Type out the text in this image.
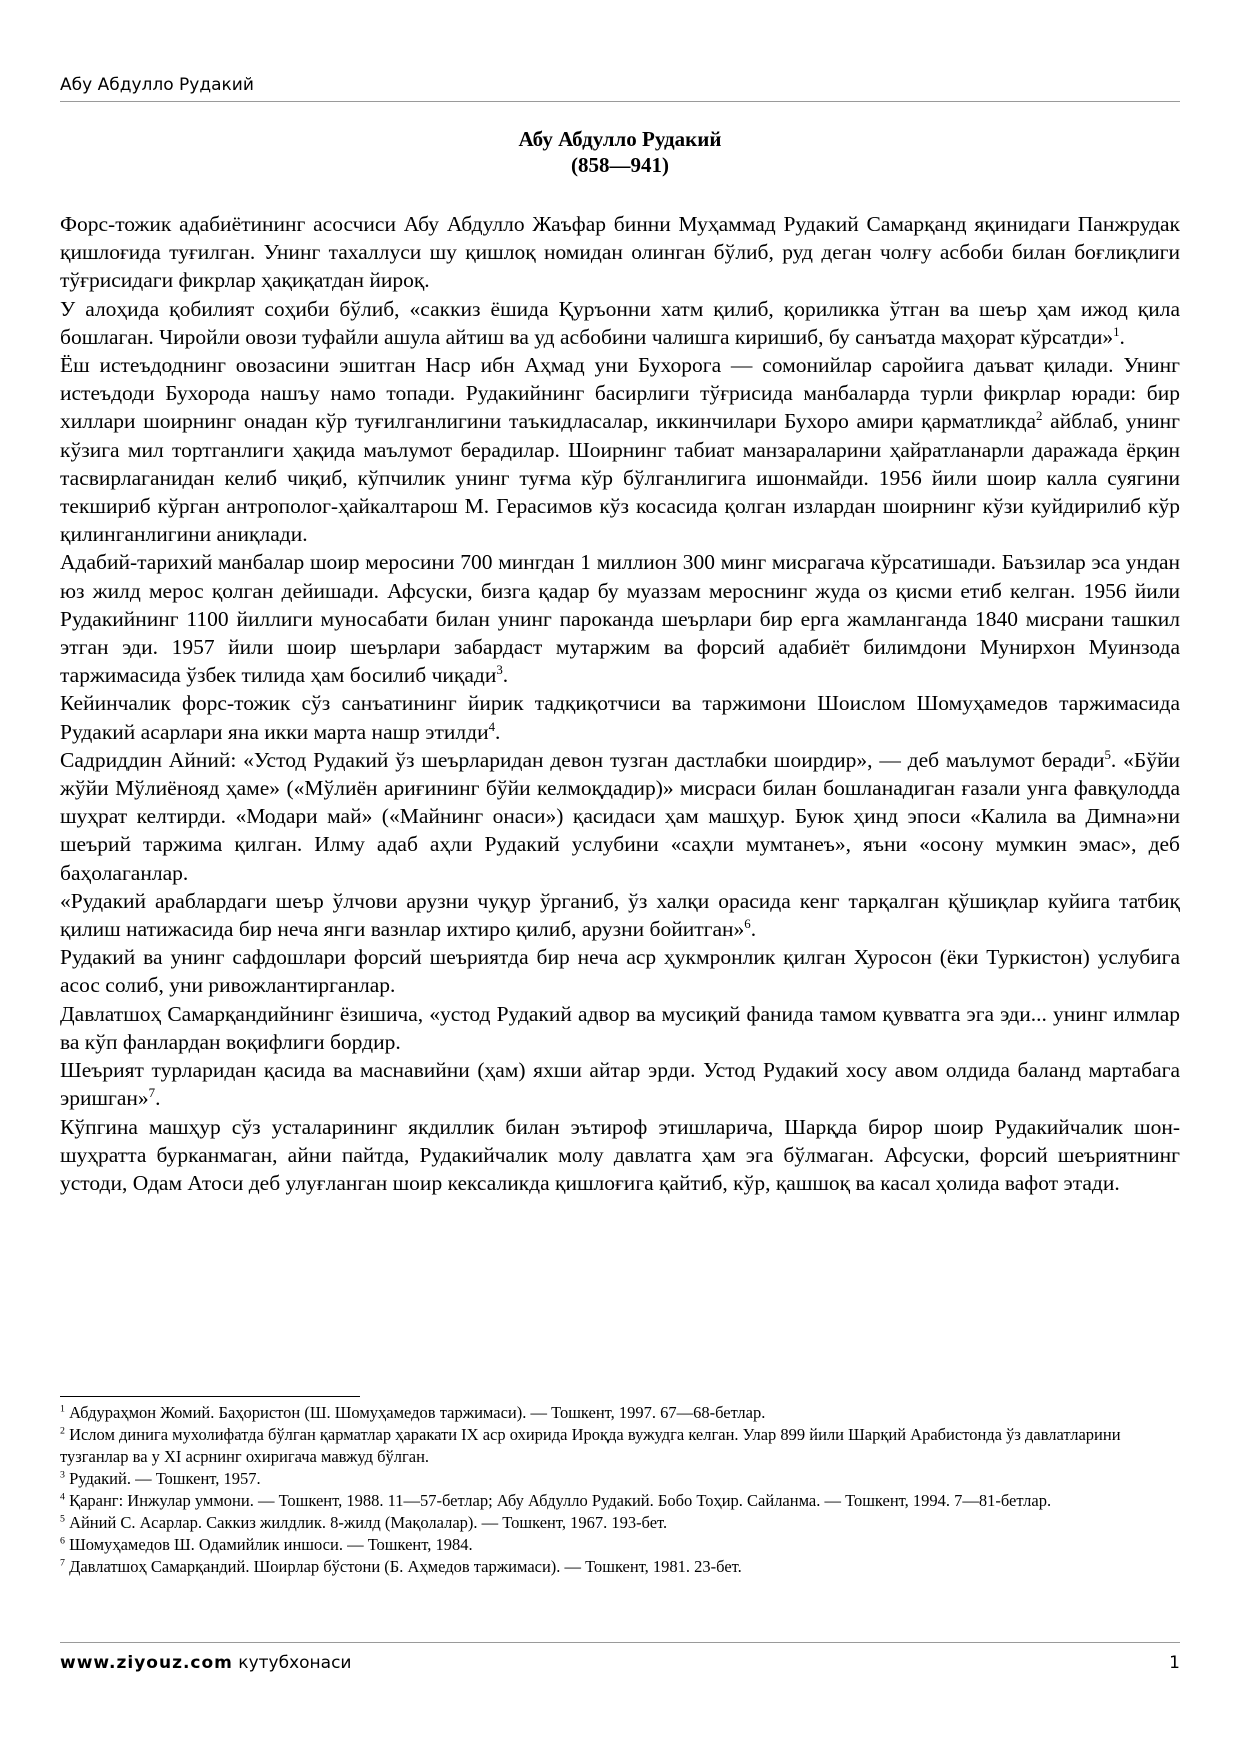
Абу Абдулло Рудакий
Абу Абдулло Рудакий
(858—941)

Форс-тожик адабиётининг асосчиси Абу Абдулло Жаъфар бинни Муҳаммад Рудакий Самарқанд яқинидаги Панжрудак қишлоғида туғилган. Унинг тахаллуси шу қишлоқ номидан олинган бўлиб, руд деган чолғу асбоби билан боғлиқлиги тўғрисидаги фикрлар ҳақиқатдан йироқ.

У алоҳида қобилият соҳиби бўлиб, «саккиз ёшида Қуръонни хатм қилиб, қориликка ўтган ва шеър ҳам ижод қила бошлаган. Чиройли овози туфайли ашула айтиш ва уд асбобини чалишга киришиб, бу санъатда маҳорат кўрсатди»$^1$.

Ёш истеъдоднинг овозасини эшитган Наср ибн Аҳмад уни Бухорога — сомонийлар саройига даъват қилади. Унинг истеъдоди Бухорода нашъу намо топади. Рудакийнинг басирлиги тўғрисида манбаларда турли фикрлар юради: бир хиллари шоирнинг онадан кўр туғилганлигини таъкидласалар, иккинчилари Бухоро амири қарматликда$^2$ айблаб, унинг кўзига мил тортганлиги ҳақида маълумот берадилар. Шоирнинг табиат манзараларини ҳайратланарли даражада ёрқин тасвирлаганидан келиб чиқиб, кўпчилик унинг туғма кўр бўлганлигига ишонмайди. 1956 йили шоир калла суягини текшириб кўрган антрополог-ҳайкалтарош М. Герасимов кўз косасида қолган излардан шоирнинг кўзи куйдирилиб кўр қилинганлигини аниқлади.

Адабий-тарихий манбалар шоир меросини 700 мингдан 1 миллион 300 минг мисрагача кўрсатишади. Баъзилар эса ундан юз жилд мерос қолган дейишади. Афсуски, бизга қадар бу муаззам мероснинг жуда оз қисми етиб келган. 1956 йили Рудакийнинг 1100 йиллиги муносабати билан унинг пароканда шеърлари бир ерга жамланганда 1840 мисрани ташкил этган эди. 1957 йили шоир шеърлари забардаст мутаржим ва форсий адабиёт билимдони Мунирхон Муинзода таржимасида ўзбек тилида ҳам босилиб чиқади$^3$.

Кейинчалик форс-тожик сўз санъатининг йирик тадқиқотчиси ва таржимони Шоислом Шомуҳамедов таржимасида Рудакий асарлари яна икки марта нашр этилди$^4$.

Садриддин Айний: «Устод Рудакий ўз шеърларидан девон тузган дастлабки шоирдир», — деб маълумот беради$^5$. «Бўйи жўйи Мўлиёнояд ҳаме» («Мўлиён ариғининг бўйи келмоқдадир)» мисраси билан бошланадиган ғазали унга фавқулодда шуҳрат келтирди. «Модари май» («Майнинг онаси») қасидаси ҳам машҳур. Буюк ҳинд эпоси «Калила ва Димна»ни шеърий таржима қилган. Илму адаб аҳли Рудакий услубини «саҳли мумтанеъ», яъни «осону мумкин эмас», деб баҳолаганлар.

«Рудакий араблардаги шеър ўлчови арузни чуқур ўрганиб, ўз халқи орасида кенг тарқалган қўшиқлар куйига татбиқ қилиш натижасида бир неча янги вазнлар ихтиро қилиб, арузни бойитган»$^6$.

Рудакий ва унинг сафдошлари форсий шеъриятда бир неча аср ҳукмронлик қилган Хуросон (ёки Туркистон) услубига асос солиб, уни ривожлантирганлар.

Давлатшоҳ Самарқандийнинг ёзишича, «устод Рудакий адвор ва мусиқий фанида тамом қувватга эга эди... унинг илмлар ва кўп фанлардан воқифлиги бордир.

Шеърият турларидан қасида ва маснавийни (ҳам) яхши айтар эрди. Устод Рудакий хосу авом олдида баланд мартабага эришган»$^7$.

Кўпгина машҳур сўз усталарининг якдиллик билан эътироф этишларича, Шарқда бирор шоир Рудакийчалик шон-шуҳратта бурканмаган, айни пайтда, Рудакийчалик молу давлатга ҳам эга бўлмаган. Афсуски, форсий шеъриятнинг устоди, Одам Атоси деб улуғланган шоир кексаликда қишлоғига қайтиб, кўр, қашшоқ ва касал ҳолида вафот этади.

$^1$ Абдураҳмон Жомий. Баҳористон (Ш. Шомуҳамедов таржимаси). — Тошкент, 1997. 67—68-бетлар.
$^2$ Ислом динига мухолифатда бўлган қарматлар ҳаракати IX аср охирида Ироқда вужудга келган. Улар 899 йили Шарқий Арабистонда ўз давлатларини тузганлар ва у XI асрнинг охиригача мавжуд бўлган.
$^3$ Рудакий. — Тошкент, 1957.
$^4$ Қаранг: Инжулар уммони. — Тошкент, 1988. 11—57-бетлар; Абу Абдулло Рудакий. Бобо Тоҳир. Сайланма. — Тошкент, 1994. 7—81-бетлар.
$^5$ Айний С. Асарлар. Саккиз жилдлик. 8-жилд (Мақолалар). — Тошкент, 1967. 193-бет.
$^6$ Шомуҳамедов Ш. Одамийлик иншоси. — Тошкент, 1984.
$^7$ Давлатшоҳ Самарқандий. Шоирлар бўстони (Б. Аҳмедов таржимаси). — Тошкент, 1981. 23-бет.
www.ziyouz.com кутубхонаси	1
